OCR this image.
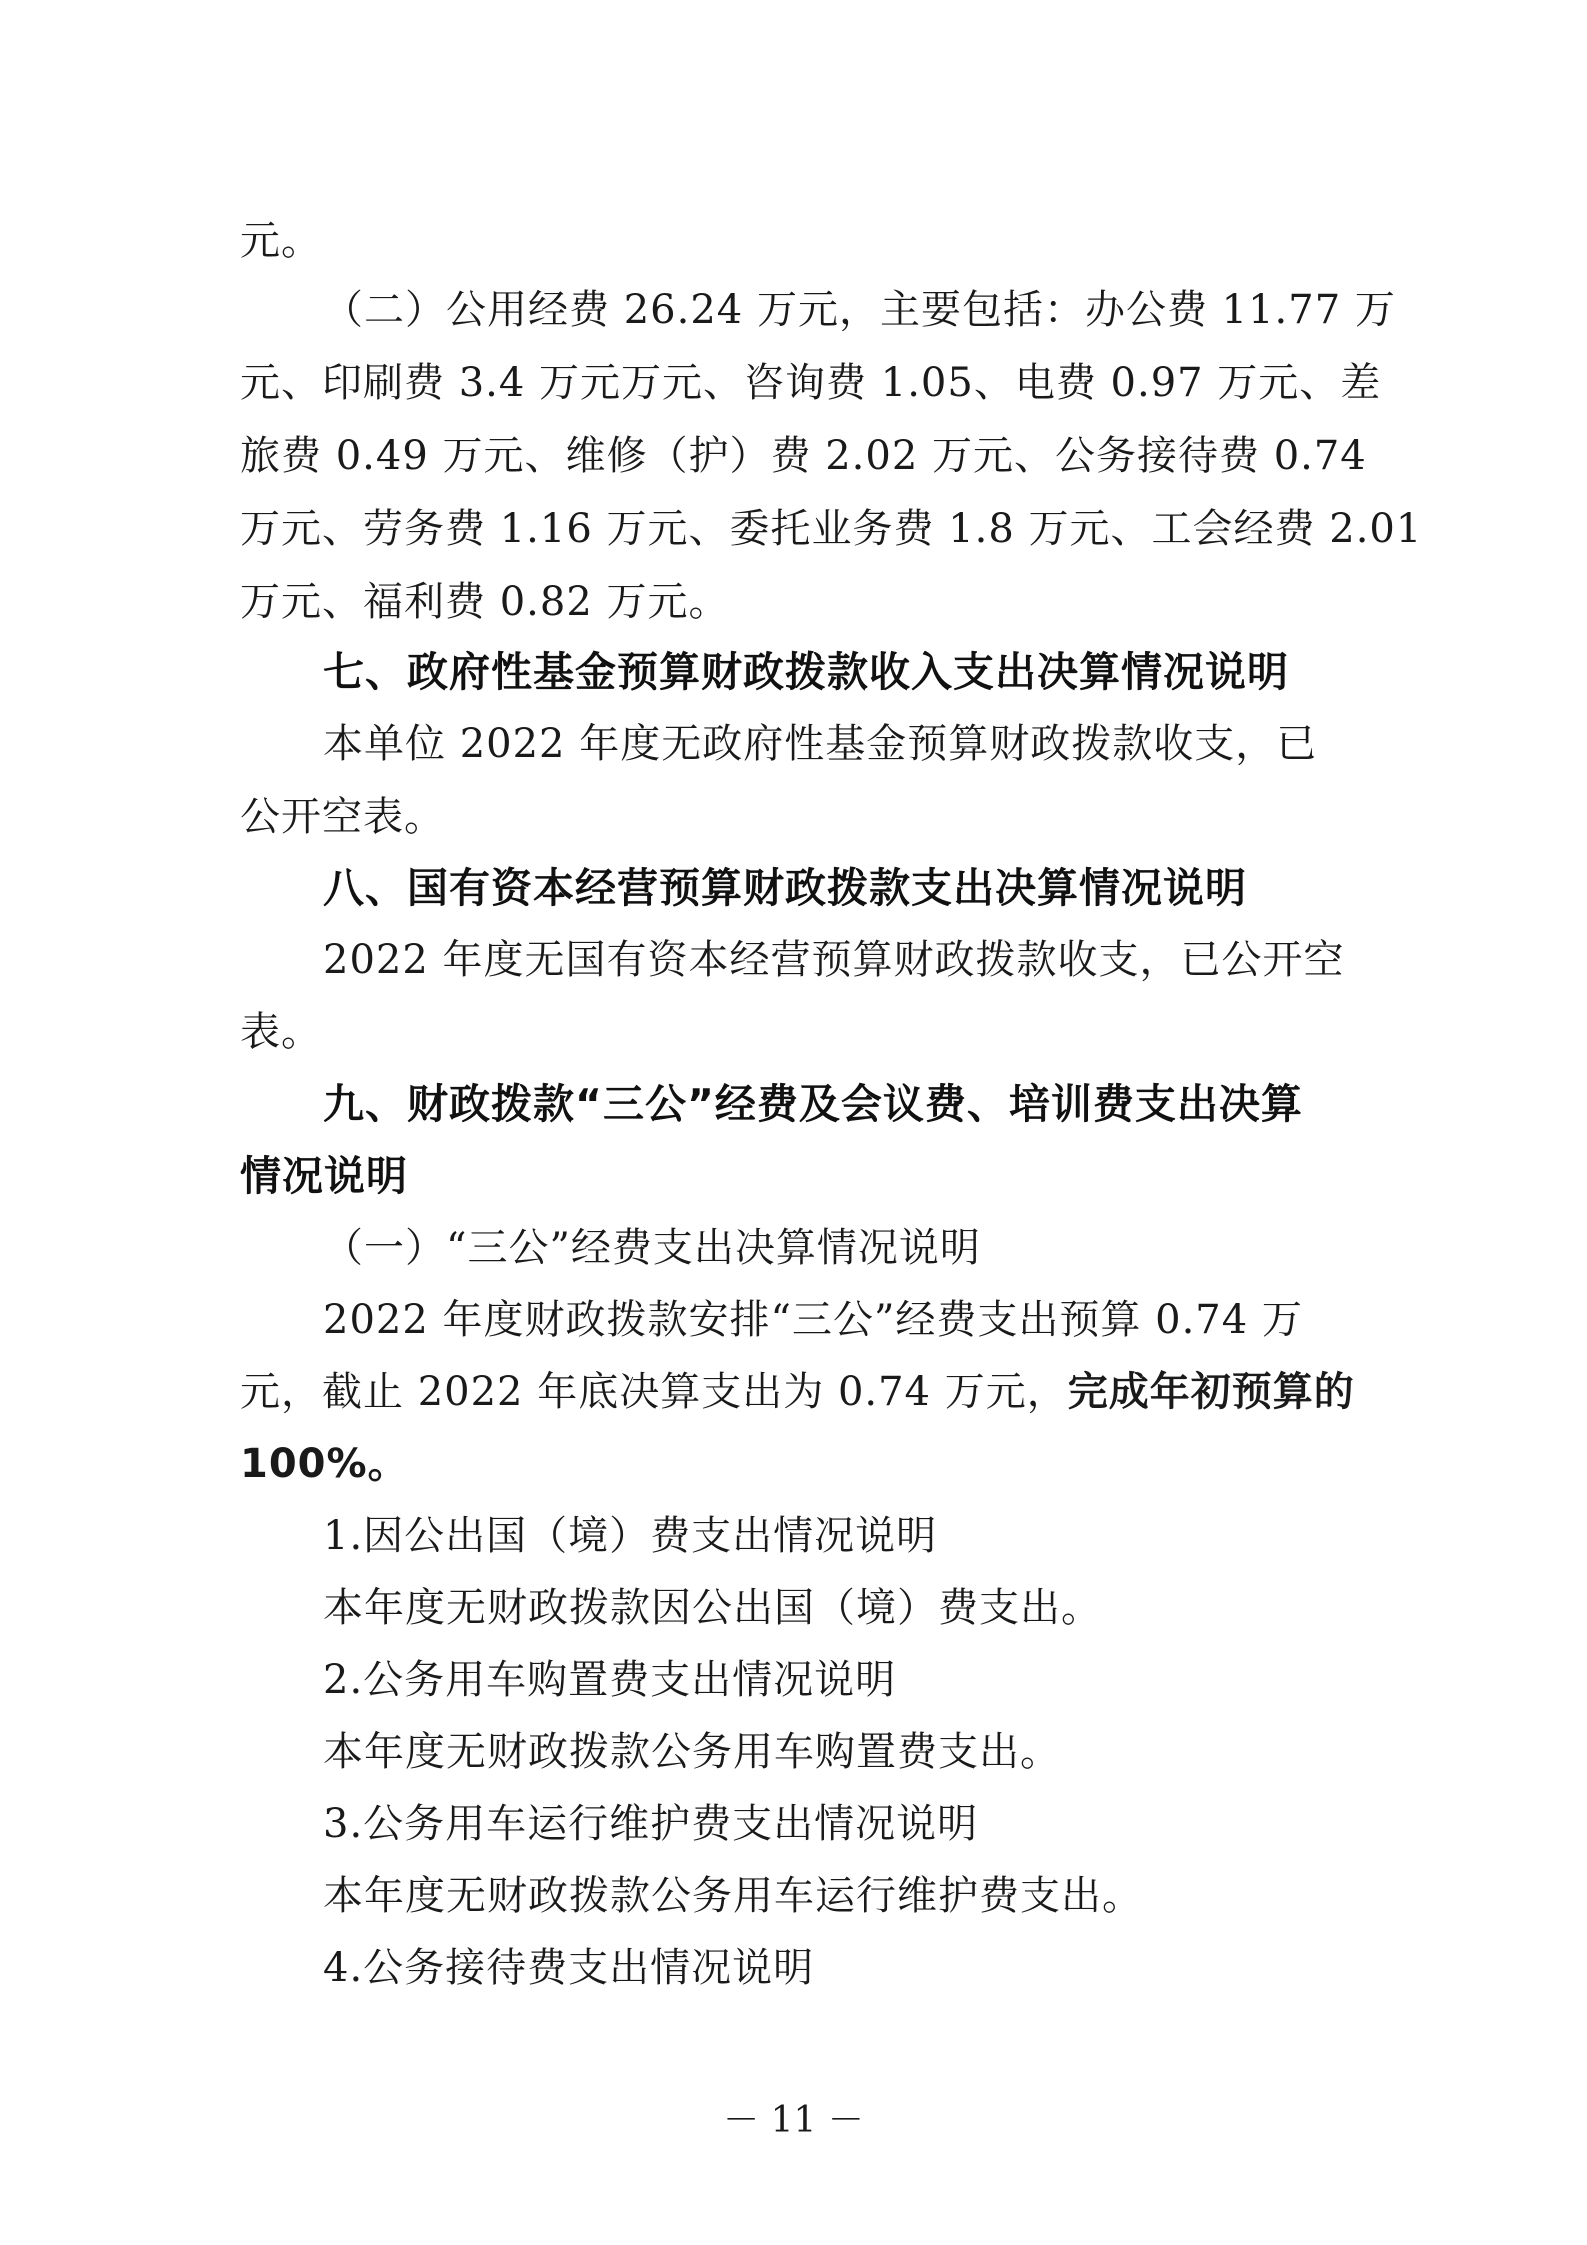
元。
（二）公用经费 26.24 万元，主要包括：办公费 11.77 万
元、印刷费 3.4 万元万元、咨询费 1.05、电费 0.97 万元、差
旅费 0.49 万元、维修（护）费 2.02 万元、公务接待费 0.74
万元、劳务费 1.16 万元、委托业务费 1.8 万元、工会经费 2.01
万元、福利费 0.82 万元。
七、政府性基金预算财政拨款收入支出决算情况说明
本单位 2022 年度无政府性基金预算财政拨款收支，已
公开空表。
八、国有资本经营预算财政拨款支出决算情况说明
2022 年度无国有资本经营预算财政拨款收支，已公开空
表。
九、财政拨款“三公”经费及会议费、培训费支出决算
情况说明
（一）“三公”经费支出决算情况说明
2022 年度财政拨款安排“三公”经费支出预算 0.74 万
元，截止 2022 年底决算支出为 0.74 万元，完成年初预算的
100%。
1.因公出国（境）费支出情况说明
本年度无财政拨款因公出国（境）费支出。
2.公务用车购置费支出情况说明
本年度无财政拨款公务用车购置费支出。
3.公务用车运行维护费支出情况说明
本年度无财政拨款公务用车运行维护费支出。
4.公务接待费支出情况说明
－ 11 －
